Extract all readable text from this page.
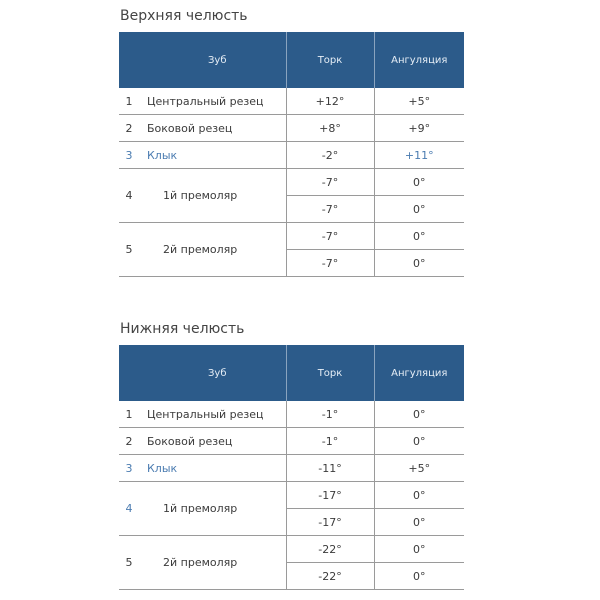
Верхняя челюсть
Зуб		Торк	Ангуляция
1	Центральный резец	+12°	+5°
2	Боковой резец	+8°	+9°
3	Клык	-2°	+11°
4	1й премоляр	-7°	0°
		-7°	0°
5	2й премоляр	-7°	0°
		-7°	0°
Нижняя челюсть
Зуб		Торк	Ангуляция
1	Центральный резец	-1°	0°
2	Боковой резец	-1°	0°
3	Клык	-11°	+5°
4	1й премоляр	-17°	0°
		-17°	0°
5	2й премоляр	-22°	0°
		-22°	0°
